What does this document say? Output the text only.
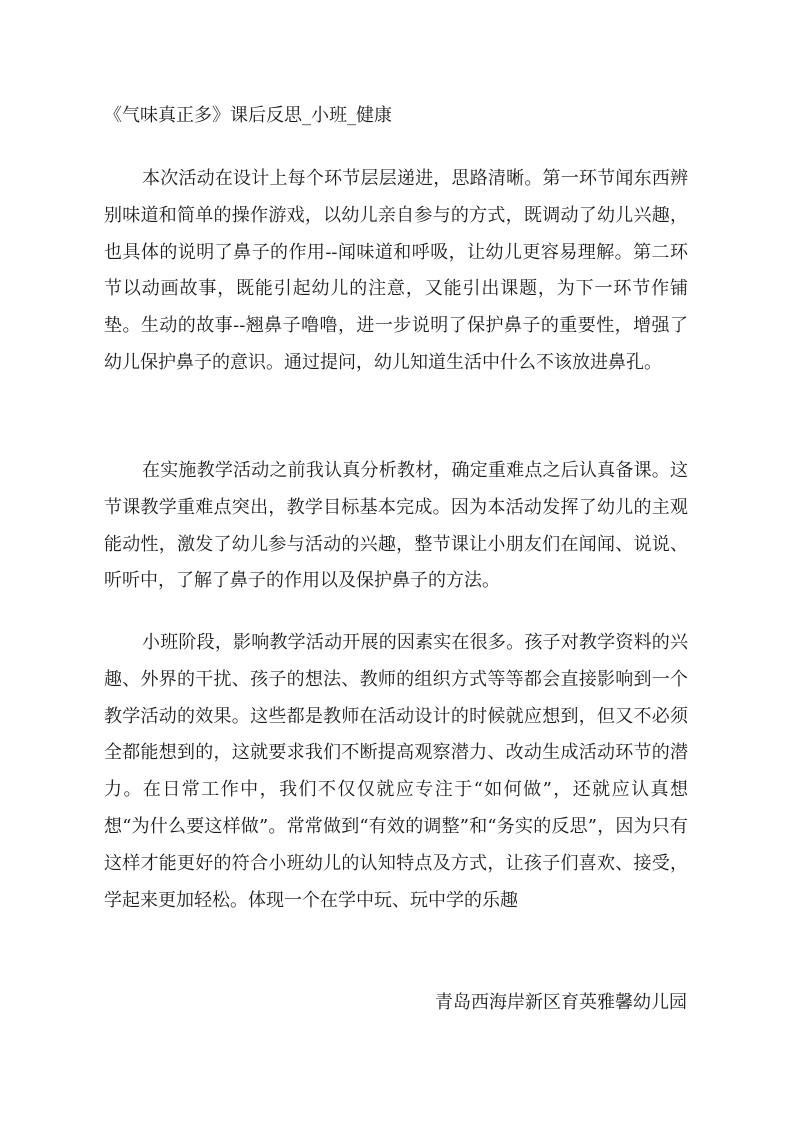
《气味真正多》课后反思_小班_健康

本次活动在设计上每个环节层层递进，思路清晰。第一环节闻东西辨别味道和简单的操作游戏，以幼儿亲自参与的方式，既调动了幼儿兴趣，也具体的说明了鼻子的作用--闻味道和呼吸，让幼儿更容易理解。第二环节以动画故事，既能引起幼儿的注意，又能引出课题，为下一环节作铺垫。生动的故事--翘鼻子噜噜，进一步说明了保护鼻子的重要性，增强了幼儿保护鼻子的意识。通过提问，幼儿知道生活中什么不该放进鼻孔。

在实施教学活动之前我认真分析教材，确定重难点之后认真备课。这节课教学重难点突出，教学目标基本完成。因为本活动发挥了幼儿的主观能动性，激发了幼儿参与活动的兴趣，整节课让小朋友们在闻闻、说说、听听中，了解了鼻子的作用以及保护鼻子的方法。

小班阶段，影响教学活动开展的因素实在很多。孩子对教学资料的兴趣、外界的干扰、孩子的想法、教师的组织方式等等都会直接影响到一个教学活动的效果。这些都是教师在活动设计的时候就应想到，但又不必须全都能想到的，这就要求我们不断提高观察潜力、改动生成活动环节的潜力。在日常工作中，我们不仅仅就应专注于“如何做”，还就应认真想想“为什么要这样做”。常常做到“有效的调整”和“务实的反思”，因为只有这样才能更好的符合小班幼儿的认知特点及方式，让孩子们喜欢、接受，学起来更加轻松。体现一个在学中玩、玩中学的乐趣

青岛西海岸新区育英雅馨幼儿园
